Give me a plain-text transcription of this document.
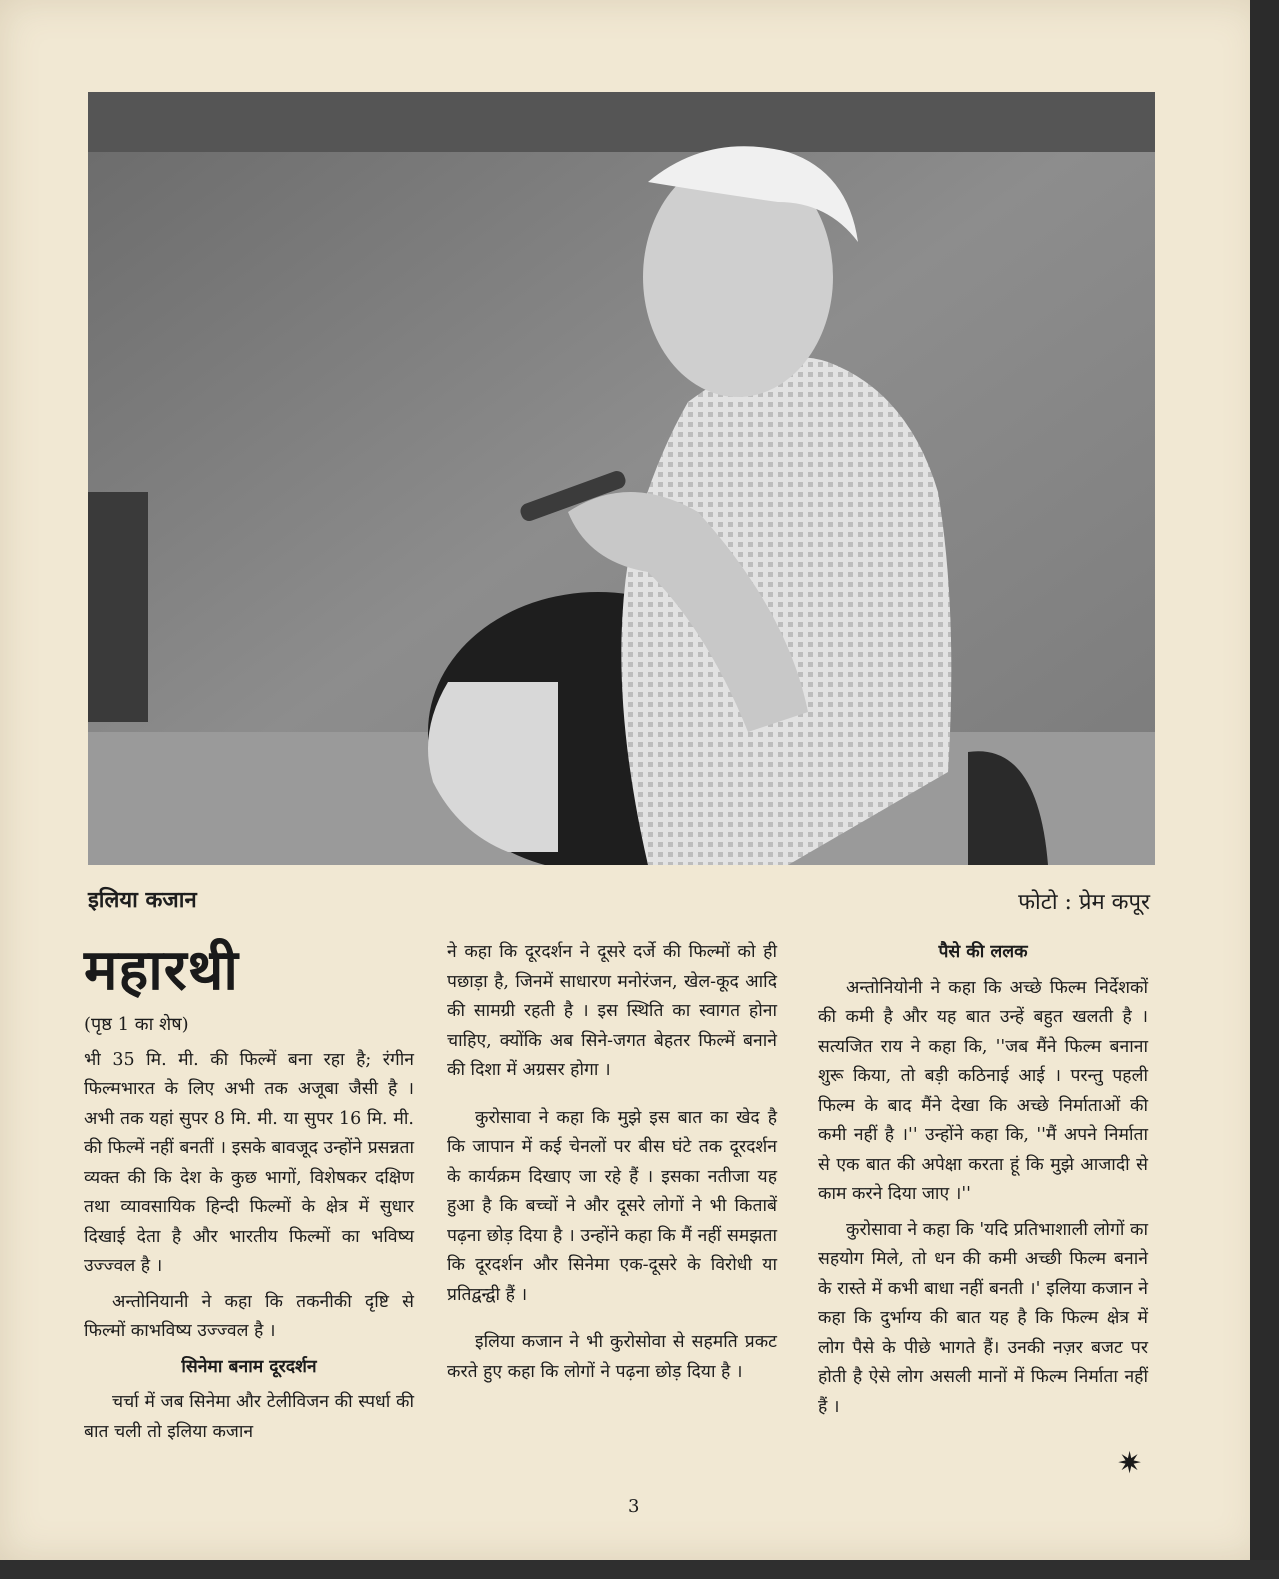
इलिया कजान	फोटो : प्रेम कपूर
महारथी

(पृष्ठ 1 का शेष)

भी 35 मि. मी. की फिल्में बना रहा है; रंगीन फिल्मभारत के लिए अभी तक अजूबा जैसी है । अभी तक यहां सुपर 8 मि. मी. या सुपर 16 मि. मी. की फिल्में नहीं बनतीं । इसके बावजूद उन्होंने प्रसन्नता व्यक्त की कि देश के कुछ भागों, विशेषकर दक्षिण तथा व्यावसायिक हिन्दी फिल्मों के क्षेत्र में सुधार दिखाई देता है और भारतीय फिल्मों का भविष्य उज्ज्वल है ।

अन्तोनियानी ने कहा कि तकनीकी दृष्टि से फिल्मों काभविष्य उज्ज्वल है ।

सिनेमा बनाम दूरदर्शन

चर्चा में जब सिनेमा और टेलीविजन की स्पर्धा की बात चली तो इलिया कजान

ने कहा कि दूरदर्शन ने दूसरे दर्जे की फिल्मों को ही पछाड़ा है, जिनमें साधारण मनोरंजन, खेल-कूद आदि की सामग्री रहती है । इस स्थिति का स्वागत होना चाहिए, क्योंकि अब सिने-जगत बेहतर फिल्में बनाने की दिशा में अग्रसर होगा ।

कुरोसावा ने कहा कि मुझे इस बात का खेद है कि जापान में कई चेनलों पर बीस घंटे तक दूरदर्शन के कार्यक्रम दिखाए जा रहे हैं । इसका नतीजा यह हुआ है कि बच्चों ने और दूसरे लोगों ने भी किताबें पढ़ना छोड़ दिया है । उन्होंने कहा कि मैं नहीं समझता कि दूरदर्शन और सिनेमा एक-दूसरे के विरोधी या प्रतिद्वन्द्वी हैं ।

इलिया कजान ने भी कुरोसोवा से सहमति प्रकट करते हुए कहा कि लोगों ने पढ़ना छोड़ दिया है ।

पैसे की ललक

अन्तोनियोनी ने कहा कि अच्छे फिल्म निर्देशकों की कमी है और यह बात उन्हें बहुत खलती है । सत्यजित राय ने कहा कि, ''जब मैंने फिल्म बनाना शुरू किया, तो बड़ी कठिनाई आई । परन्तु पहली फिल्म के बाद मैंने देखा कि अच्छे निर्माताओं की कमी नहीं है ।'' उन्होंने कहा कि, ''मैं अपने निर्माता से एक बात की अपेक्षा करता हूं कि मुझे आजादी से काम करने दिया जाए ।''

कुरोसावा ने कहा कि 'यदि प्रतिभाशाली लोगों का सहयोग मिले, तो धन की कमी अच्छी फिल्म बनाने के रास्ते में कभी बाधा नहीं बनती ।' इलिया कजान ने कहा कि दुर्भाग्य की बात यह है कि फिल्म क्षेत्र में लोग पैसे के पीछे भागते हैं। उनकी नज़र बजट पर होती है ऐसे लोग असली मानों में फिल्म निर्माता नहीं हैं ।

✷
3
